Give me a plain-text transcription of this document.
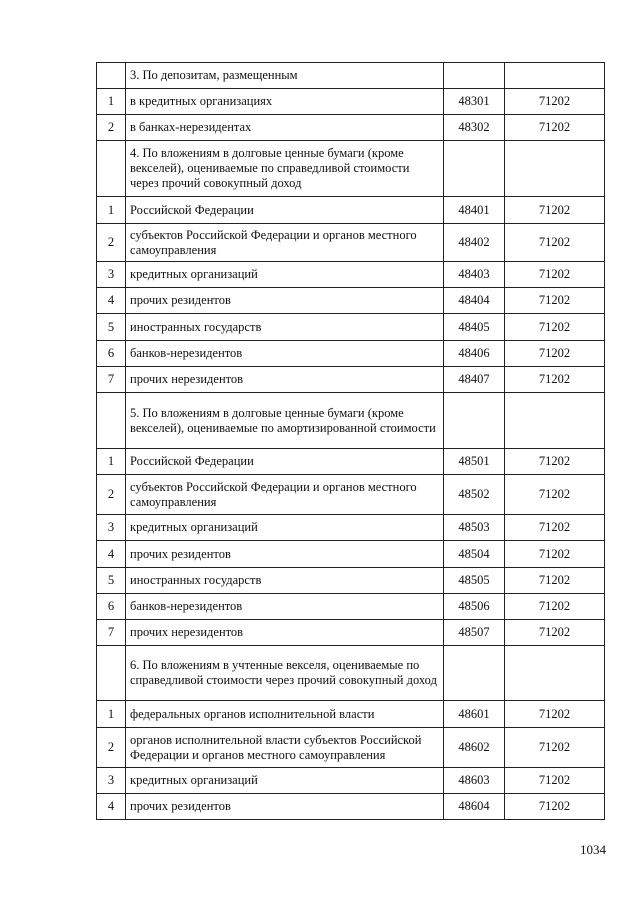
	3. По депозитам, размещенным		
1	в кредитных организациях	48301	71202
2	в банках-нерезидентах	48302	71202
	4. По вложениям в долговые ценные бумаги (кроме векселей), оцениваемые по справедливой стоимости через прочий совокупный доход		
1	Российской Федерации	48401	71202
2	субъектов Российской Федерации и органов местного самоуправления	48402	71202
3	кредитных организаций	48403	71202
4	прочих резидентов	48404	71202
5	иностранных государств	48405	71202
6	банков-нерезидентов	48406	71202
7	прочих нерезидентов	48407	71202
	5. По вложениям в долговые ценные бумаги (кроме векселей), оцениваемые по амортизированной стоимости		
1	Российской Федерации	48501	71202
2	субъектов Российской Федерации и органов местного самоуправления	48502	71202
3	кредитных организаций	48503	71202
4	прочих резидентов	48504	71202
5	иностранных государств	48505	71202
6	банков-нерезидентов	48506	71202
7	прочих нерезидентов	48507	71202
	6. По вложениям в учтенные векселя, оцениваемые по справедливой стоимости через прочий совокупный доход		
1	федеральных органов исполнительной власти	48601	71202
2	органов исполнительной власти субъектов Российской Федерации и органов местного самоуправления	48602	71202
3	кредитных организаций	48603	71202
4	прочих резидентов	48604	71202
1034
